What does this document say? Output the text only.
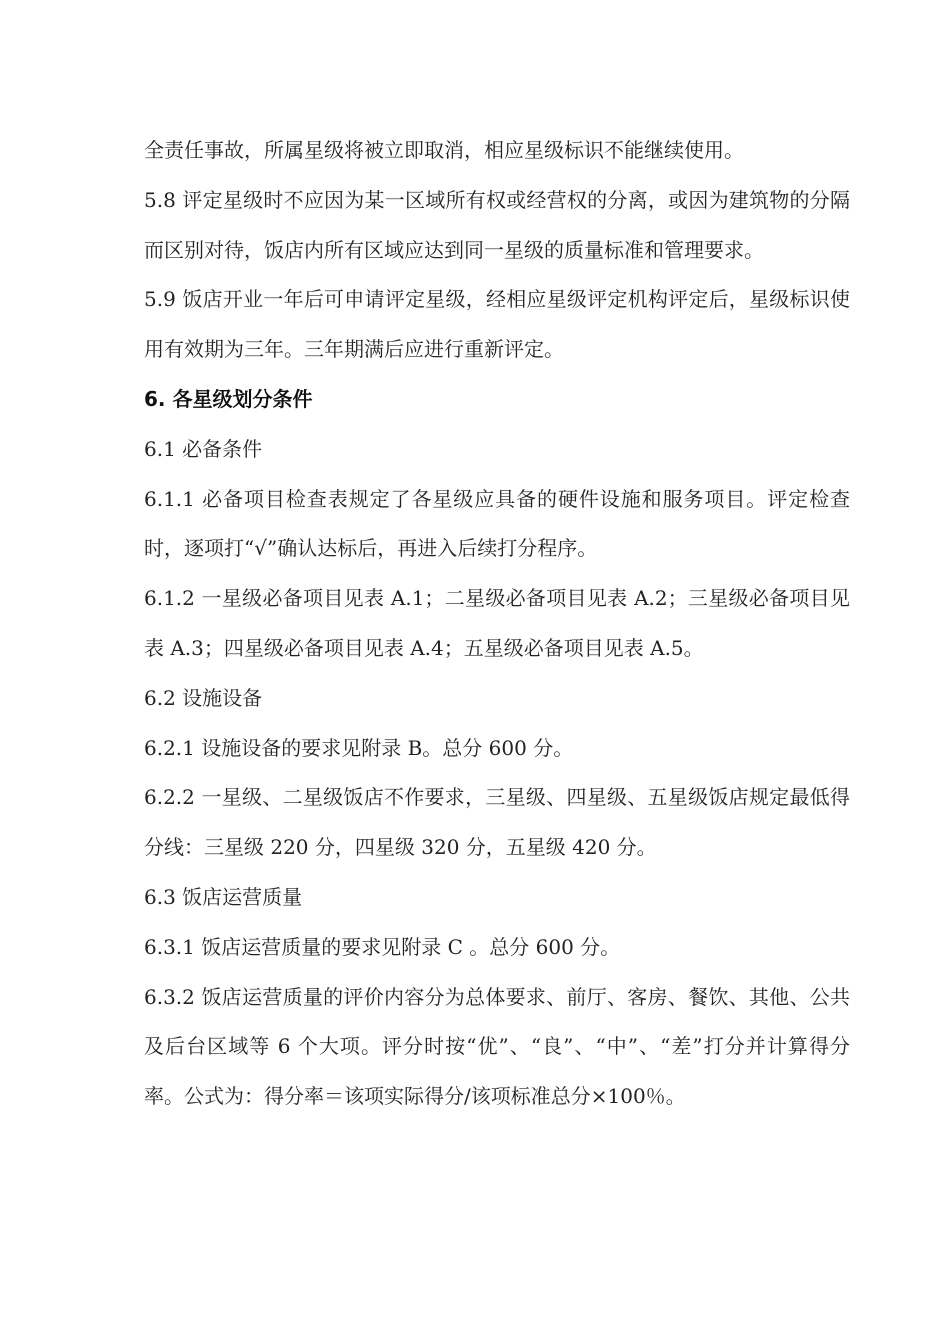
全责任事故，所属星级将被立即取消，相应星级标识不能继续使用。

5.8 评定星级时不应因为某一区域所有权或经营权的分离，或因为建筑物的分隔而区别对待，饭店内所有区域应达到同一星级的质量标准和管理要求。

5.9 饭店开业一年后可申请评定星级，经相应星级评定机构评定后，星级标识使用有效期为三年。三年期满后应进行重新评定。

6. 各星级划分条件

6.1 必备条件

6.1.1 必备项目检查表规定了各星级应具备的硬件设施和服务项目。评定检查时，逐项打“√”确认达标后，再进入后续打分程序。

6.1.2 一星级必备项目见表 A.1；二星级必备项目见表 A.2；三星级必备项目见表 A.3；四星级必备项目见表 A.4；五星级必备项目见表 A.5。

6.2 设施设备

6.2.1 设施设备的要求见附录 B。总分 600 分。

6.2.2 一星级、二星级饭店不作要求，三星级、四星级、五星级饭店规定最低得分线：三星级 220 分，四星级 320 分，五星级 420 分。

6.3 饭店运营质量

6.3.1 饭店运营质量的要求见附录 C 。总分 600 分。

6.3.2 饭店运营质量的评价内容分为总体要求、前厅、客房、餐饮、其他、公共及后台区域等 6 个大项。评分时按“优”、“良”、“中”、“差”打分并计算得分率。公式为：得分率＝该项实际得分/该项标准总分×100％。
